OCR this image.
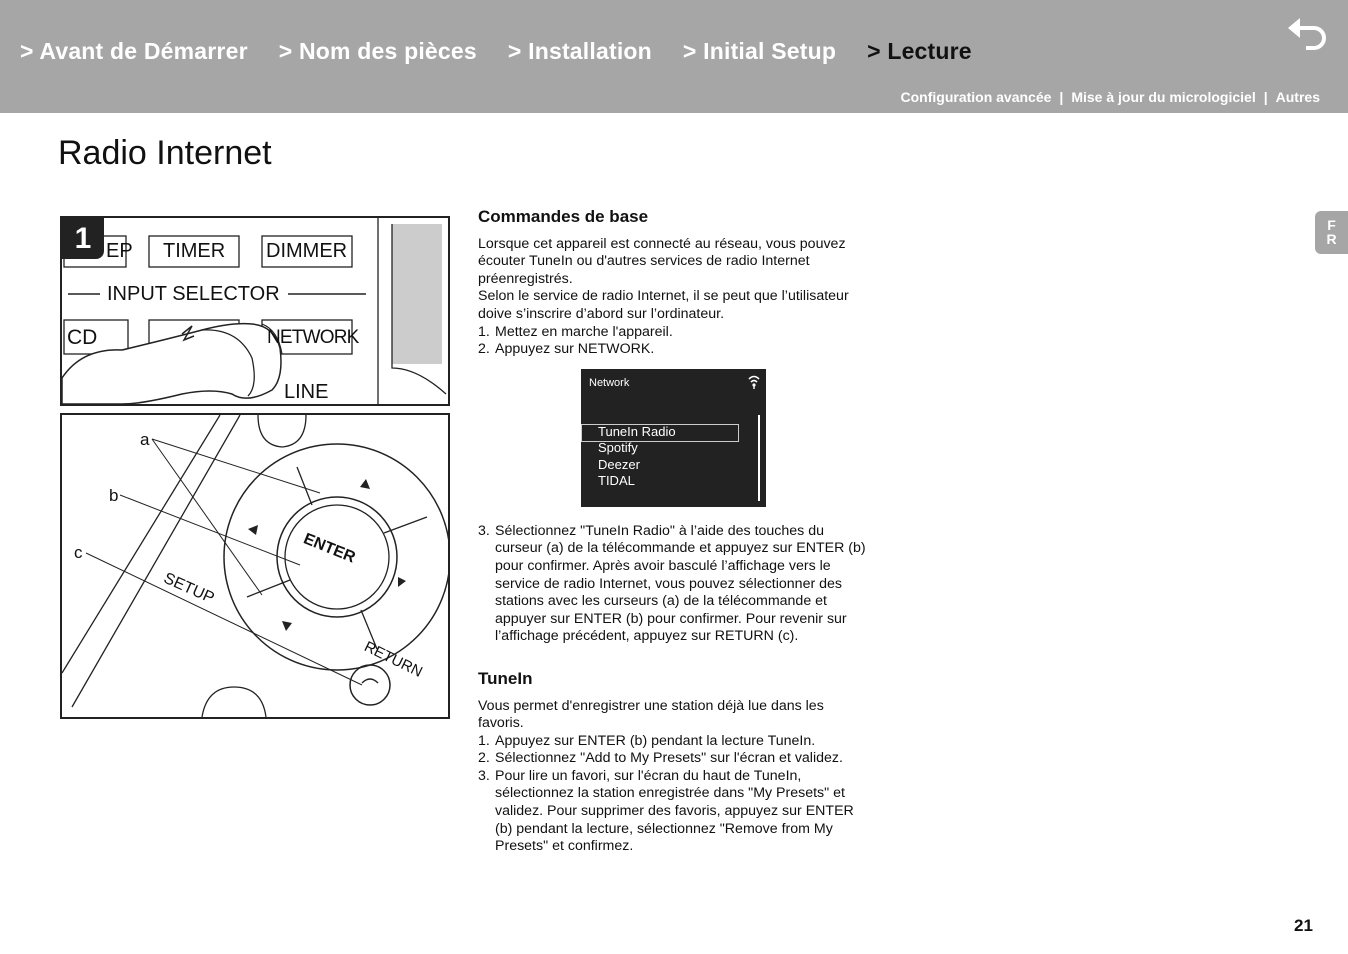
> Avant de Démarrer > Nom des pièces > Installation > Initial Setup > Lecture
Configuration avancée | Mise à jour du micrologiciel | Autres
Radio Internet
1 EP TIMER DIMMER
INPUT SELECTOR
CD	NETWORK
LINE
a
b
c	ENTER
SETUP
RETURN
Commandes de base

Lorsque cet appareil est connecté au réseau, vous pouvez écouter TuneIn ou d'autres services de radio Internet préenregistrés.

Selon le service de radio Internet, il se peut que l’utilisateur doive s’inscrire d’abord sur l’ordinateur.

1. Mettez en marche l'appareil.
2. Appuyez sur NETWORK.
Network
TuneIn Radio
Spotify
Deezer
TIDAL
3. Sélectionnez "TuneIn Radio" à l’aide des touches du curseur (a) de la télécommande et appuyez sur ENTER (b) pour confirmer. Après avoir basculé l’affichage vers le service de radio Internet, vous pouvez sélectionner des stations avec les curseurs (a) de la télécommande et appuyer sur ENTER (b) pour confirmer. Pour revenir sur l’affichage précédent, appuyez sur RETURN (c).
TuneIn

Vous permet d'enregistrer une station déjà lue dans les favoris.

1. Appuyez sur ENTER (b) pendant la lecture TuneIn.
2. Sélectionnez "Add to My Presets" sur l'écran et validez.
3. Pour lire un favori, sur l'écran du haut de TuneIn, sélectionnez la station enregistrée dans "My Presets" et validez. Pour supprimer des favoris, appuyez sur ENTER (b) pendant la lecture, sélectionnez "Remove from My Presets" et confirmez.
F
R
21
